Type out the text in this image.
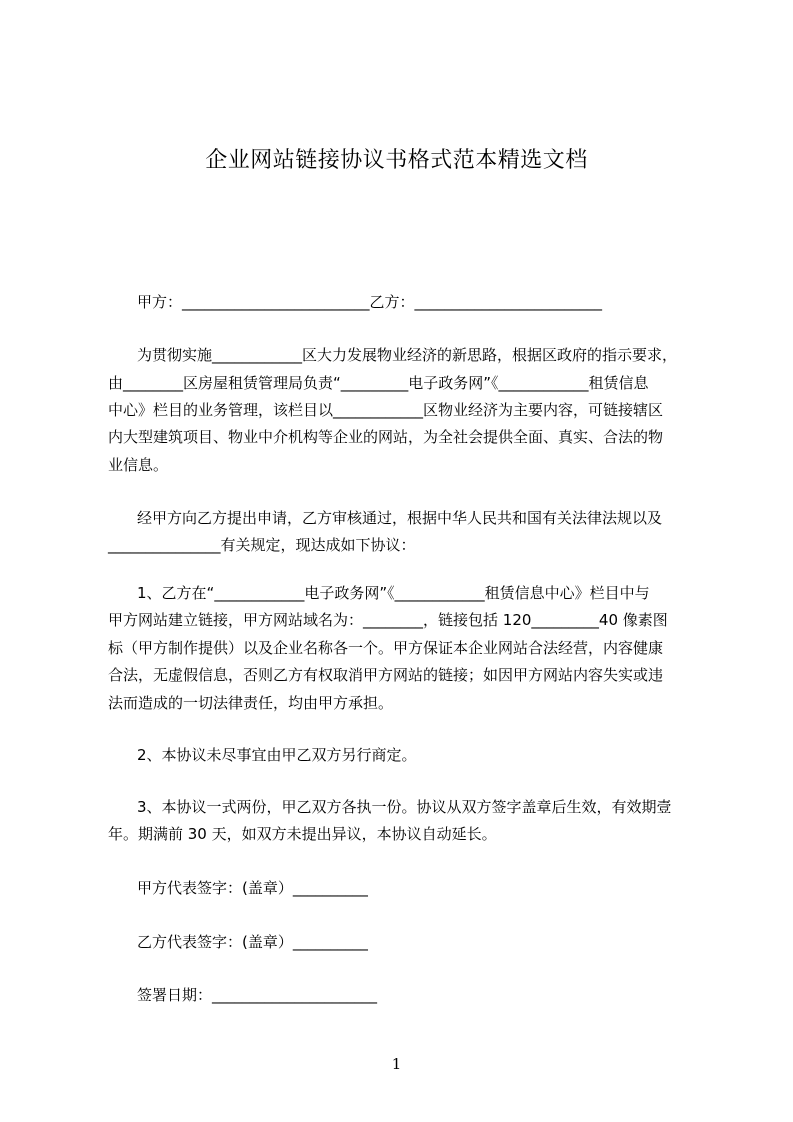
企业网站链接协议书格式范本精选文档
甲方：_________________________乙方：_________________________
为贯彻实施____________区大力发展物业经济的新思路，根据区政府的指示要求，
由________区房屋租赁管理局负责“_________电子政务网”《____________租赁信息
中心》栏目的业务管理，该栏目以____________区物业经济为主要内容，可链接辖区
内大型建筑项目、物业中介机构等企业的网站，为全社会提供全面、真实、合法的物
业信息。
经甲方向乙方提出申请，乙方审核通过，根据中华人民共和国有关法律法规以及
_______________有关规定，现达成如下协议：
1、乙方在“____________电子政务网”《____________租赁信息中心》栏目中与
甲方网站建立链接，甲方网站域名为：________，链接包括 120_________40 像素图
标（甲方制作提供）以及企业名称各一个。甲方保证本企业网站合法经营，内容健康
合法，无虚假信息，否则乙方有权取消甲方网站的链接；如因甲方网站内容失实或违
法而造成的一切法律责任，均由甲方承担。
2、本协议未尽事宜由甲乙双方另行商定。
3、本协议一式两份，甲乙双方各执一份。协议从双方签字盖章后生效，有效期壹
年。期满前 30 天，如双方未提出异议，本协议自动延长。
甲方代表签字：(盖章）__________
乙方代表签字：(盖章）__________
签署日期：______________________
1
